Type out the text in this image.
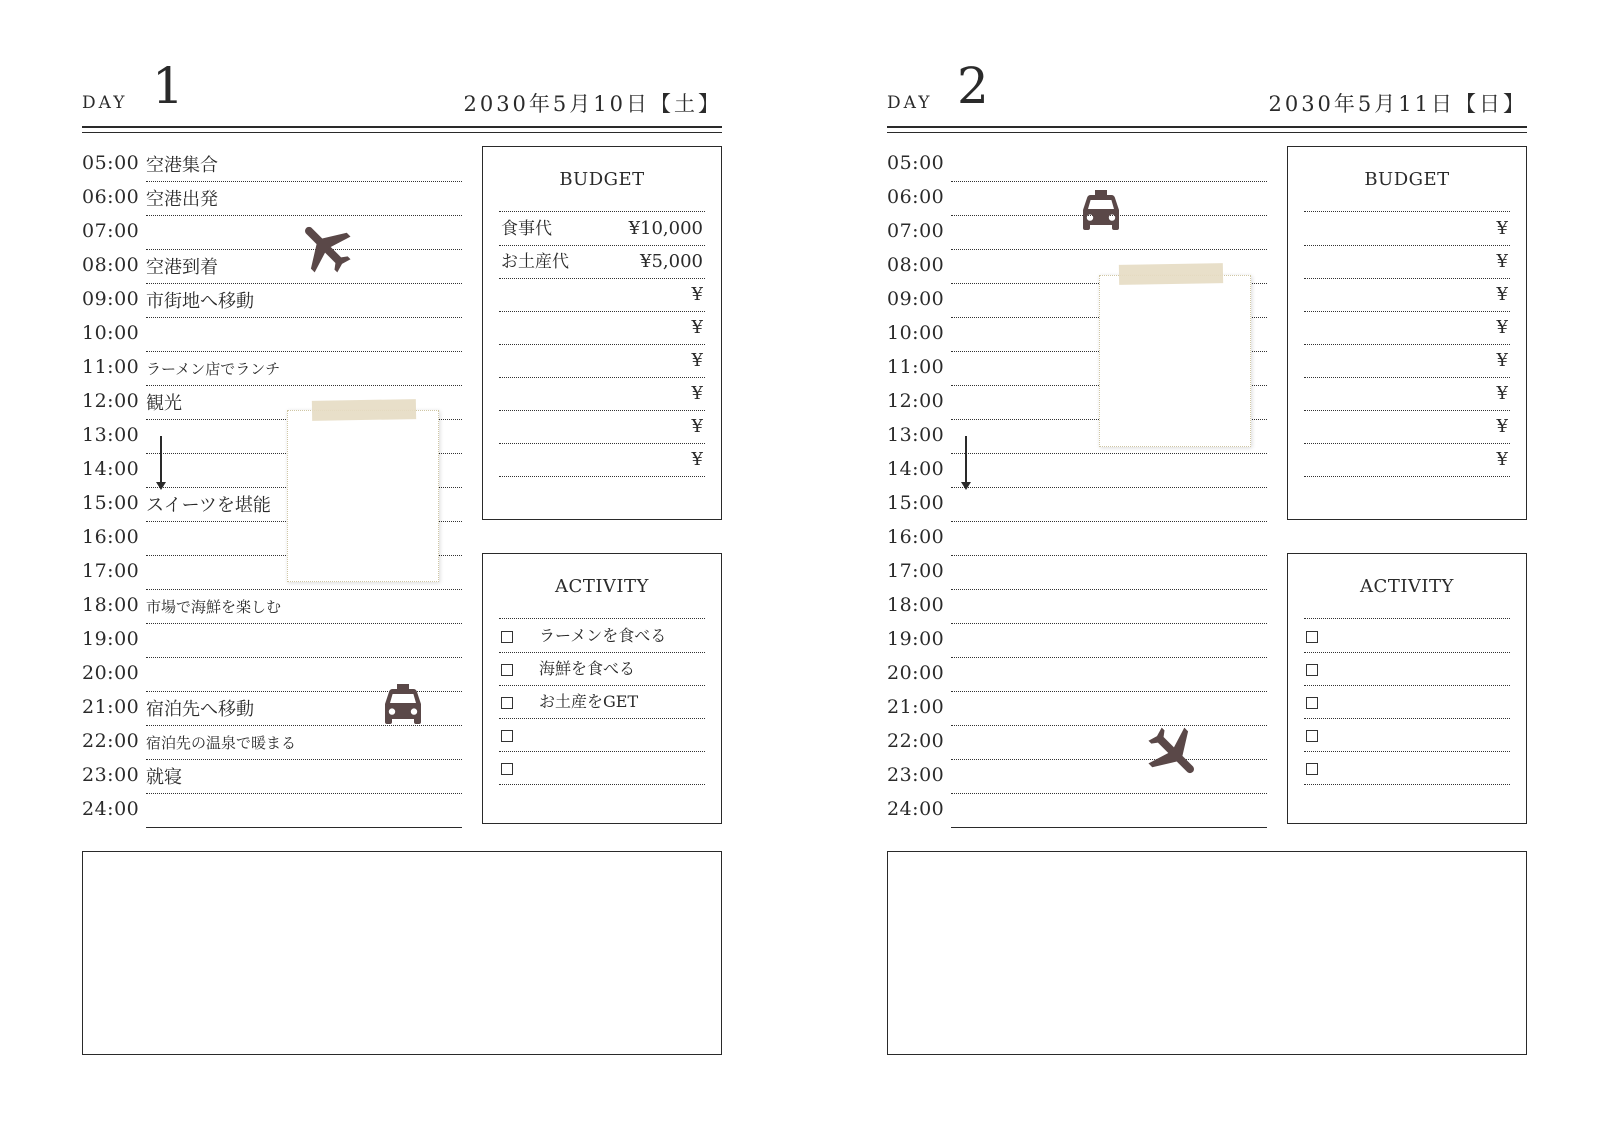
DAY 1	2030年5月10日【土】
05:00 空港集合
06:00 空港出発
07:00
08:00 空港到着
09:00 市街地へ移動
10:00
11:00 ラーメン店でランチ
12:00 観光
13:00
14:00
15:00 スイーツを堪能
16:00
17:00
18:00 市場で海鮮を楽しむ
19:00
20:00
21:00 宿泊先へ移動
22:00 宿泊先の温泉で暖まる
23:00 就寝
24:00
BUDGET
食事代	¥10,000
お土産代	¥5,000
¥
¥
¥
¥
¥
¥
ACTIVITY
ラーメンを食べる
海鮮を食べる
お土産をGET
DAY 2	2030年5月11日【日】
05:00
06:00
07:00
08:00
09:00
10:00
11:00
12:00
13:00
14:00
15:00
16:00
17:00
18:00
19:00
20:00
21:00
22:00
23:00
24:00
BUDGET
¥
¥
¥
¥
¥
¥
¥
¥
ACTIVITY
